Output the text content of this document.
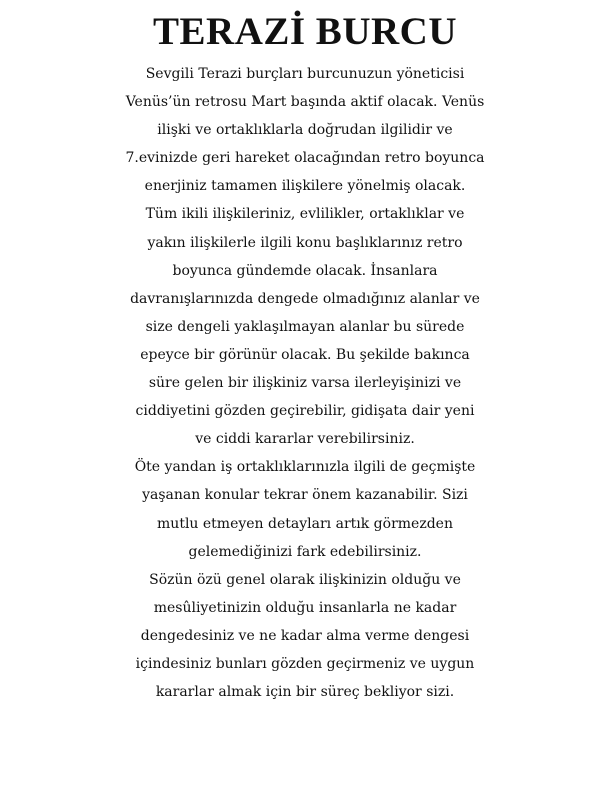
TERAZİ BURCU
Sevgili Terazi burçları burcunuzun yöneticisi
Venüs’ün retrosu Mart başında aktif olacak. Venüs
ilişki ve ortaklıklarla doğrudan ilgilidir ve
7.evinizde geri hareket olacağından retro boyunca
enerjiniz tamamen ilişkilere yönelmiş olacak.
Tüm ikili ilişkileriniz, evlilikler, ortaklıklar ve
yakın ilişkilerle ilgili konu başlıklarınız retro
boyunca gündemde olacak. İnsanlara
davranışlarınızda dengede olmadığınız alanlar ve
size dengeli yaklaşılmayan alanlar bu sürede
epeyce bir görünür olacak. Bu şekilde bakınca
süre gelen bir ilişkiniz varsa ilerleyişinizi ve
ciddiyetini gözden geçirebilir, gidişata dair yeni
ve ciddi kararlar verebilirsiniz.
Öte yandan iş ortaklıklarınızla ilgili de geçmişte
yaşanan konular tekrar önem kazanabilir. Sizi
mutlu etmeyen detayları artık görmezden
gelemediğinizi fark edebilirsiniz.
Sözün özü genel olarak ilişkinizin olduğu ve
mesûliyetinizin olduğu insanlarla ne kadar
dengedesiniz ve ne kadar alma verme dengesi
içindesiniz bunları gözden geçirmeniz ve uygun
kararlar almak için bir süreç bekliyor sizi.
